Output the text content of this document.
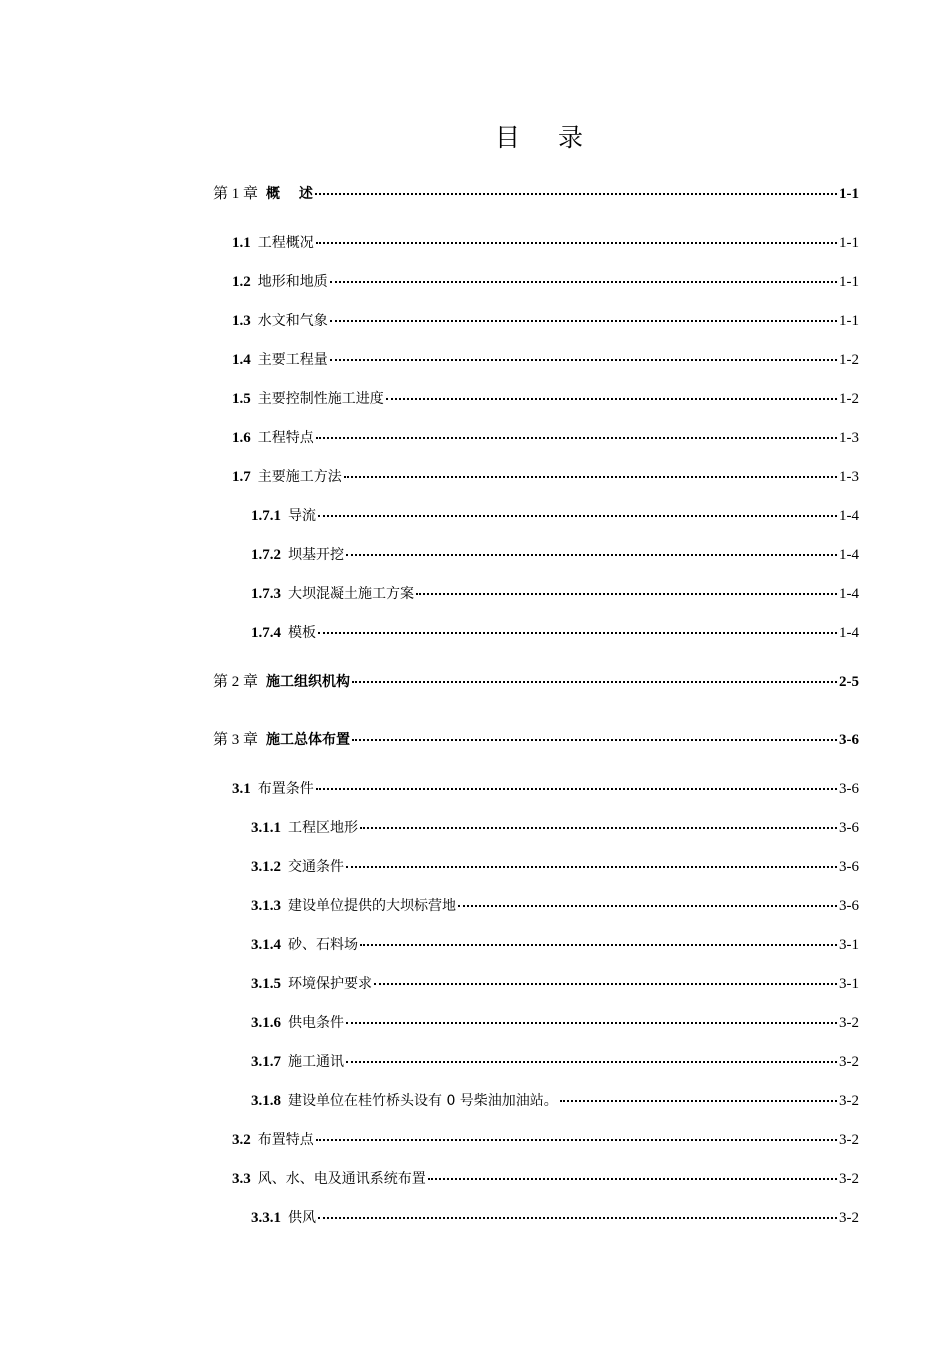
目 录
第 1 章 概　 述	1-1
1.1 工程概况	1-1
1.2 地形和地质	1-1
1.3 水文和气象	1-1
1.4 主要工程量	1-2
1.5 主要控制性施工进度	1-2
1.6 工程特点	1-3
1.7 主要施工方法	1-3
1.7.1 导流	1-4
1.7.2 坝基开挖	1-4
1.7.3 大坝混凝土施工方案	1-4
1.7.4 模板	1-4
第 2 章 施工组织机构	2-5
第 3 章 施工总体布置	3-6
3.1 布置条件	3-6
3.1.1 工程区地形	3-6
3.1.2 交通条件	3-6
3.1.3 建设单位提供的大坝标营地	3-6
3.1.4 砂、石料场	3-1
3.1.5 环境保护要求	3-1
3.1.6 供电条件	3-2
3.1.7 施工通讯	3-2
3.1.8 建设单位在桂竹桥头设有 0 号柴油加油站。	3-2
3.2 布置特点	3-2
3.3 风、水、电及通讯系统布置	3-2
3.3.1 供风	3-2
